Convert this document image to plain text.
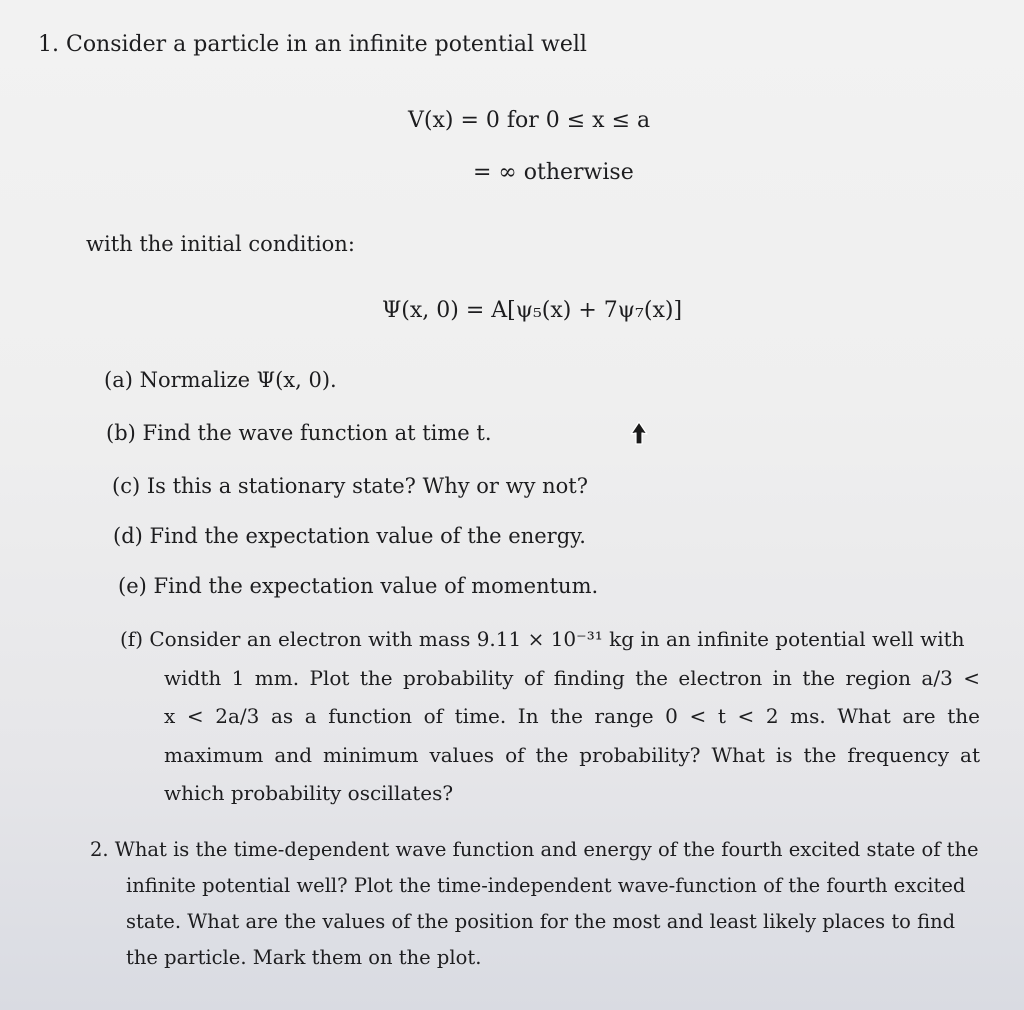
1. Consider a particle in an infinite potential well
V(x) = 0 for 0 ≤ x ≤ a
= ∞ otherwise
with the initial condition:
Ψ(x, 0) = A[ψ₅(x) + 7ψ₇(x)]
(a) Normalize Ψ(x, 0).
(b) Find the wave function at time t.
(c) Is this a stationary state? Why or wy not?
(d) Find the expectation value of the energy.
(e) Find the expectation value of momentum.
(f) Consider an electron with mass 9.11 × 10⁻³¹ kg in an infinite potential well with
width 1 mm. Plot the probability of finding the electron in the region a/3 <
x < 2a/3 as a function of time. In the range 0 < t < 2 ms. What are the
maximum and minimum values of the probability? What is the frequency at
which probability oscillates?
2. What is the time-dependent wave function and energy of the fourth excited state of the
infinite potential well? Plot the time-independent wave-function of the fourth excited
state. What are the values of the position for the most and least likely places to find
the particle. Mark them on the plot.
